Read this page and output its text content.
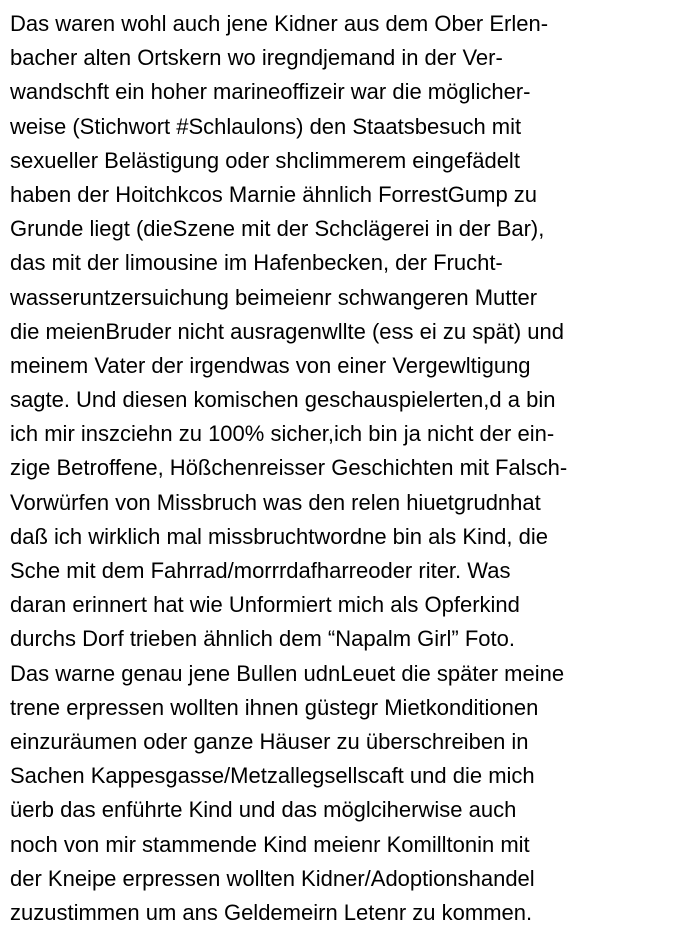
Das waren wohl auch jene Kidner aus dem Ober Erlen-
bacher alten Ortskern wo iregndjemand in der Ver-
wandschft ein hoher marineoffizeir war die möglicher-
weise (Stichwort #Schlaulons) den Staatsbesuch mit
sexueller Belästigung oder shclimmerem eingefädelt
haben der Hoitchkcos Marnie ähnlich ForrestGump zu
Grunde liegt (dieSzene mit der Schclägerei in der Bar),
das mit der limousine im Hafenbecken, der Frucht-
wasseruntzersuichung beimeienr schwangeren Mutter
die meienBruder nicht ausragenwllte (ess ei zu spät) und
meinem Vater der irgendwas von einer Vergewltigung
sagte. Und diesen komischen geschauspielerten,d a bin
ich mir inszciehn zu 100% sicher,ich bin ja nicht der ein-
zige Betroffene, Hößchenreisser Geschichten mit Falsch-
Vorwürfen von Missbruch was den relen hiuetgrudnhat
daß ich wirklich mal missbruchtwordne bin als Kind, die
Sche mit dem Fahrrad/morrrdafharreoder riter. Was
daran erinnert hat wie Unformiert mich als Opferkind
durchs Dorf trieben ähnlich dem “Napalm Girl” Foto.
Das warne genau jene Bullen udnLeuet die später meine
trene erpressen wollten ihnen güstegr Mietkonditionen
einzuräumen oder ganze Häuser zu überschreiben in
Sachen Kappesgasse/Metzallegsellscaft und die mich
üerb das enführte Kind und das möglciherwise auch
noch von mir stammende Kind meienr Komilltonin mit
der Kneipe erpressen wollten Kidner/Adoptionshandel
zuzustimmen um ans Geldemeirn Letenr zu kommen.
